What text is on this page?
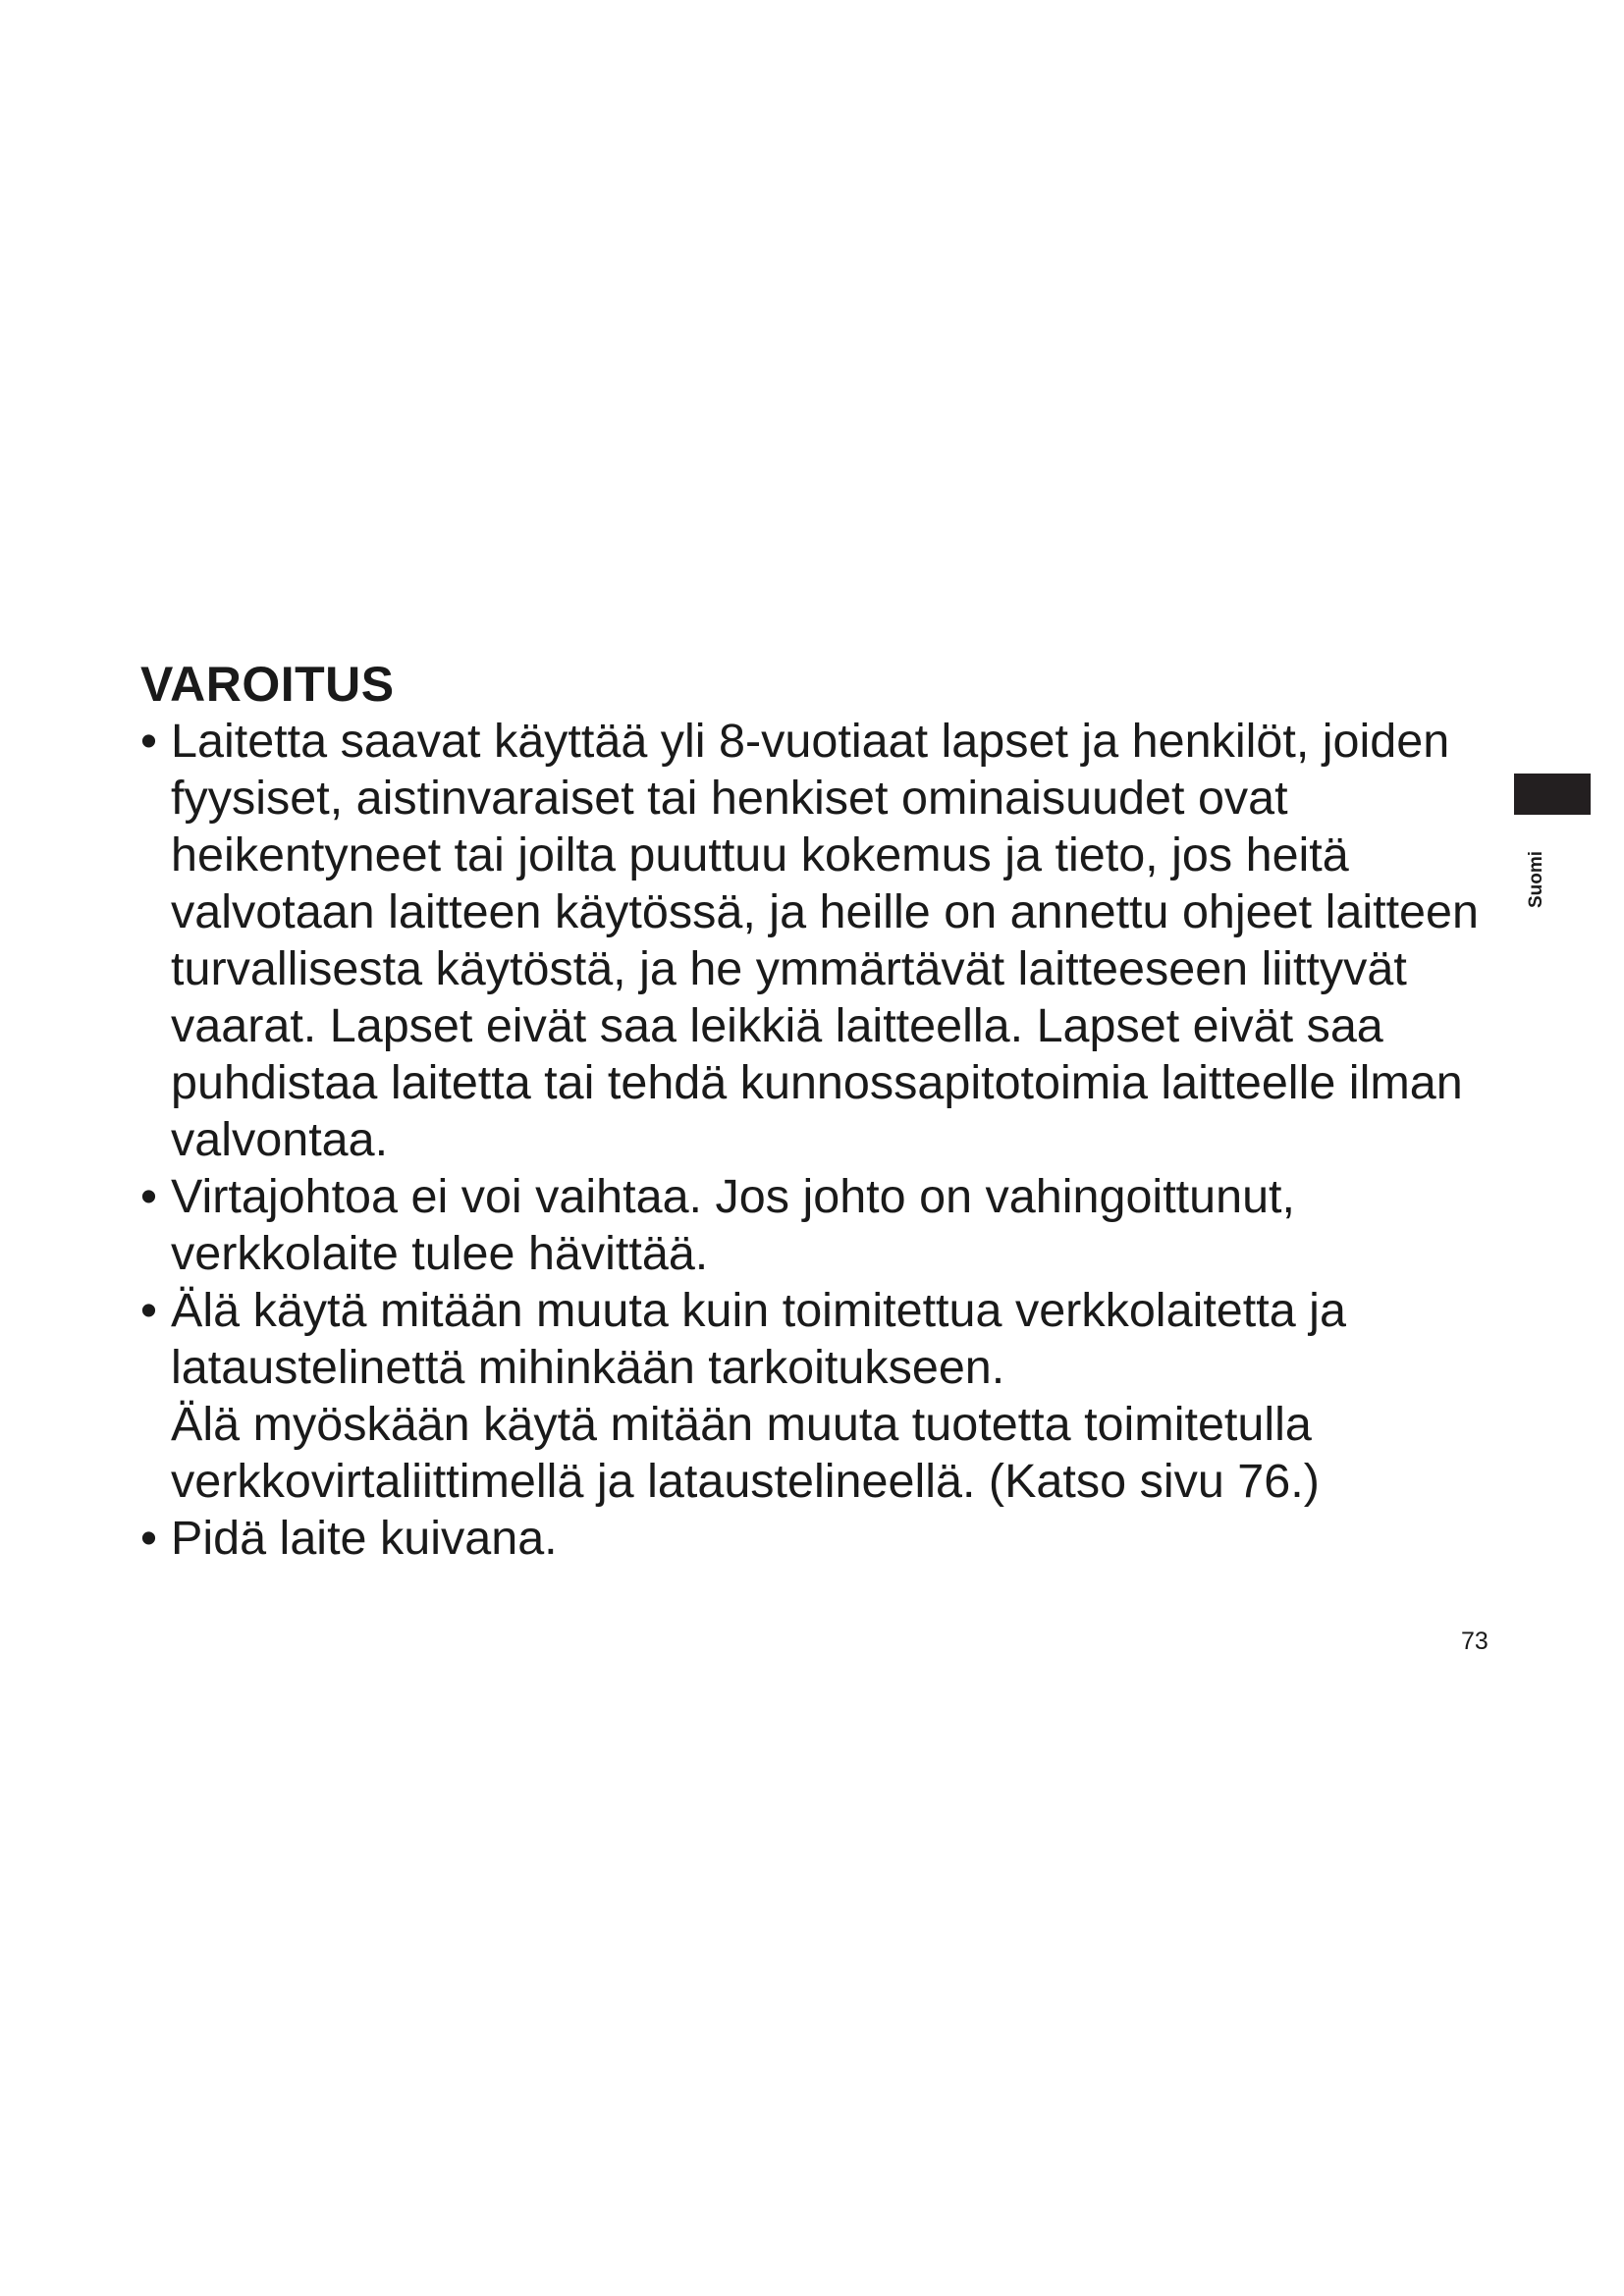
Suomi
VAROITUS
• Laitetta saavat käyttää yli 8-vuotiaat lapset ja henkilöt, joiden fyysiset, aistinvaraiset tai henkiset ominaisuudet ovat heikentyneet tai joilta puuttuu kokemus ja tieto, jos heitä valvotaan laitteen käytössä, ja heille on annettu ohjeet laitteen turvallisesta käytöstä, ja he ymmärtävät laitteeseen liittyvät vaarat. Lapset eivät saa leikkiä laitteella. Lapset eivät saa puhdistaa laitetta tai tehdä kunnossapitotoimia laitteelle ilman valvontaa.
• Virtajohtoa ei voi vaihtaa. Jos johto on vahingoittunut, verkkolaite tulee hävittää.
• Älä käytä mitään muuta kuin toimitettua verkkolaitetta ja lataustelinettä mihinkään tarkoitukseen.
Älä myöskään käytä mitään muuta tuotetta toimitetulla verkkovirtaliittimellä ja lataustelineellä. (Katso sivu 76.)
• Pidä laite kuivana.
73
